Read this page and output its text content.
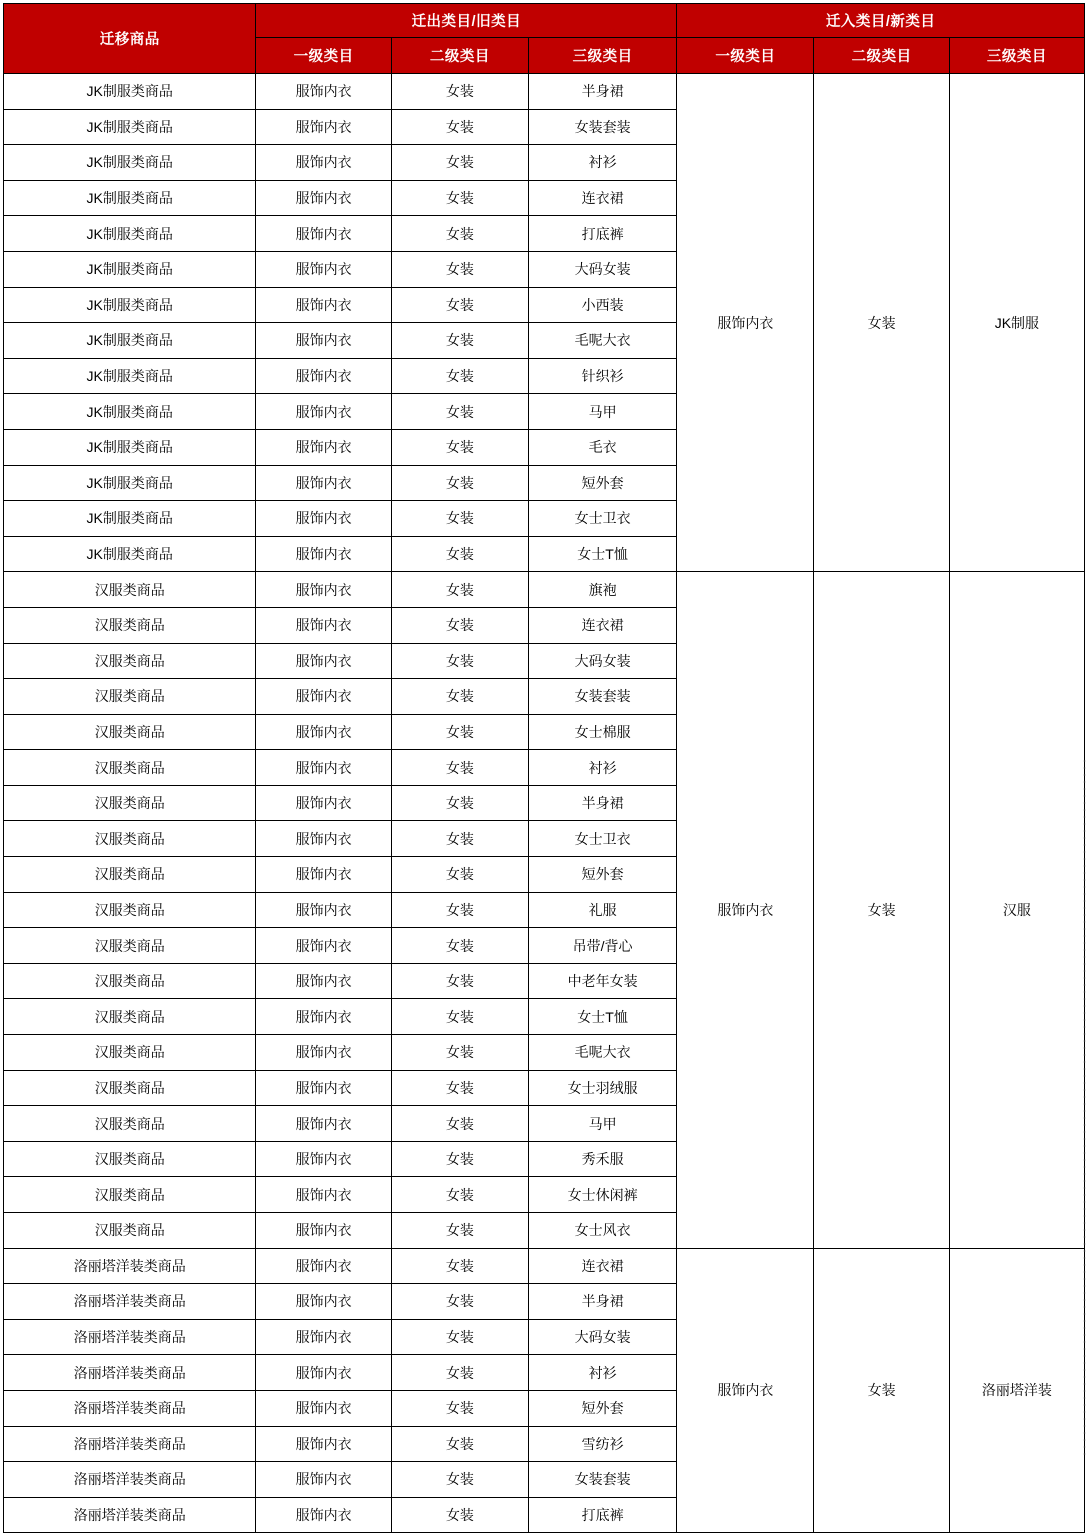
迁移商品	迁出类目/旧类目			迁入类目/新类目		
	一级类目	二级类目	三级类目	一级类目	二级类目	三级类目
JK制服类商品	服饰内衣	女装	半身裙	服饰内衣	女装	JK制服
JK制服类商品	服饰内衣	女装	女装套装			
JK制服类商品	服饰内衣	女装	衬衫			
JK制服类商品	服饰内衣	女装	连衣裙			
JK制服类商品	服饰内衣	女装	打底裤			
JK制服类商品	服饰内衣	女装	大码女装			
JK制服类商品	服饰内衣	女装	小西装			
JK制服类商品	服饰内衣	女装	毛呢大衣			
JK制服类商品	服饰内衣	女装	针织衫			
JK制服类商品	服饰内衣	女装	马甲			
JK制服类商品	服饰内衣	女装	毛衣			
JK制服类商品	服饰内衣	女装	短外套			
JK制服类商品	服饰内衣	女装	女士卫衣			
JK制服类商品	服饰内衣	女装	女士T恤			
汉服类商品	服饰内衣	女装	旗袍	服饰内衣	女装	汉服
汉服类商品	服饰内衣	女装	连衣裙			
汉服类商品	服饰内衣	女装	大码女装			
汉服类商品	服饰内衣	女装	女装套装			
汉服类商品	服饰内衣	女装	女士棉服			
汉服类商品	服饰内衣	女装	衬衫			
汉服类商品	服饰内衣	女装	半身裙			
汉服类商品	服饰内衣	女装	女士卫衣			
汉服类商品	服饰内衣	女装	短外套			
汉服类商品	服饰内衣	女装	礼服			
汉服类商品	服饰内衣	女装	吊带/背心			
汉服类商品	服饰内衣	女装	中老年女装			
汉服类商品	服饰内衣	女装	女士T恤			
汉服类商品	服饰内衣	女装	毛呢大衣			
汉服类商品	服饰内衣	女装	女士羽绒服			
汉服类商品	服饰内衣	女装	马甲			
汉服类商品	服饰内衣	女装	秀禾服			
汉服类商品	服饰内衣	女装	女士休闲裤			
汉服类商品	服饰内衣	女装	女士风衣			
洛丽塔洋装类商品	服饰内衣	女装	连衣裙	服饰内衣	女装	洛丽塔洋装
洛丽塔洋装类商品	服饰内衣	女装	半身裙			
洛丽塔洋装类商品	服饰内衣	女装	大码女装			
洛丽塔洋装类商品	服饰内衣	女装	衬衫			
洛丽塔洋装类商品	服饰内衣	女装	短外套			
洛丽塔洋装类商品	服饰内衣	女装	雪纺衫			
洛丽塔洋装类商品	服饰内衣	女装	女装套装			
洛丽塔洋装类商品	服饰内衣	女装	打底裤			
